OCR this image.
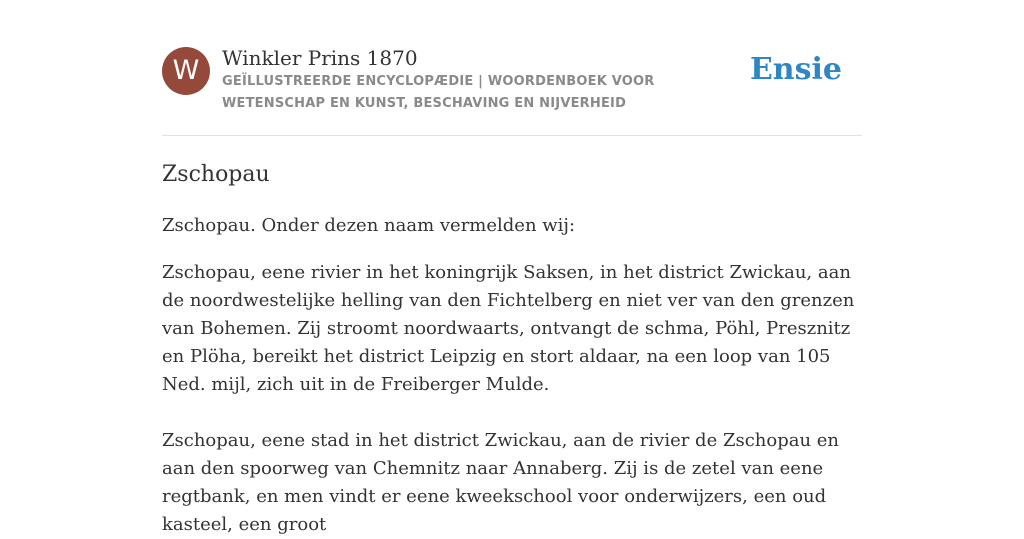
W	Winkler Prins 1870
GEÏLLUSTREERDE ENCYCLOPÆDIE | WOORDENBOEK VOOR WETENSCHAP EN KUNST, BESCHAVING EN NIJVERHEID
Ensie
Zschopau

Zschopau. Onder dezen naam vermelden wij:

Zschopau, eene rivier in het koningrijk Saksen, in het district Zwickau, aan de noordwestelijke helling van den Fichtelberg en niet ver van den grenzen van Bohemen. Zij stroomt noordwaarts, ontvangt de schma, Pöhl, Presznitz en Plöha, bereikt het district Leipzig en stort aldaar, na een loop van 105 Ned. mijl, zich uit in de Freiberger Mulde.

Zschopau, eene stad in het district Zwickau, aan de rivier de Zschopau en aan den spoorweg van Chemnitz naar Annaberg. Zij is de zetel van eene regtbank, en men vindt er eene kweekschool voor onderwijzers, een oud kasteel, een groot
